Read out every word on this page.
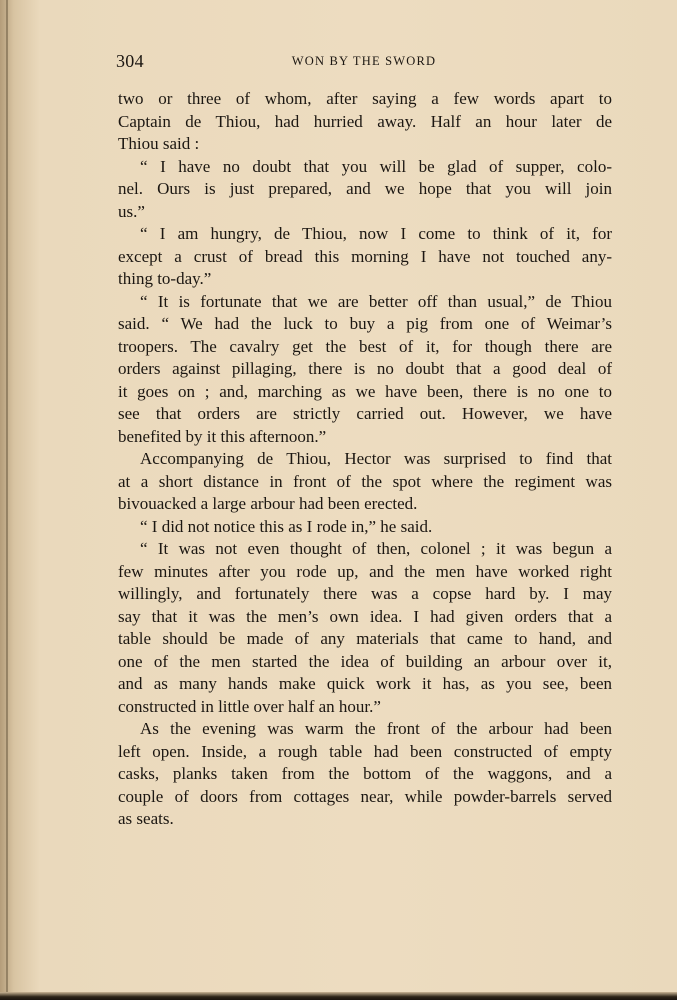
304	WON BY THE SWORD
two or three of whom, after saying a few words apart to
Captain de Thiou, had hurried away. Half an hour later de
Thiou said :
“ I have no doubt that you will be glad of supper, colo-
nel. Ours is just prepared, and we hope that you will join
us.”
“ I am hungry, de Thiou, now I come to think of it, for
except a crust of bread this morning I have not touched any-
thing to-day.”
“ It is fortunate that we are better off than usual,” de Thiou
said. “ We had the luck to buy a pig from one of Weimar’s
troopers. The cavalry get the best of it, for though there are
orders against pillaging, there is no doubt that a good deal of
it goes on ; and, marching as we have been, there is no one to
see that orders are strictly carried out. However, we have
benefited by it this afternoon.”
Accompanying de Thiou, Hector was surprised to find that
at a short distance in front of the spot where the regiment was
bivouacked a large arbour had been erected.
“ I did not notice this as I rode in,” he said.
“ It was not even thought of then, colonel ; it was begun a
few minutes after you rode up, and the men have worked right
willingly, and fortunately there was a copse hard by. I may
say that it was the men’s own idea. I had given orders that a
table should be made of any materials that came to hand, and
one of the men started the idea of building an arbour over it,
and as many hands make quick work it has, as you see, been
constructed in little over half an hour.”
As the evening was warm the front of the arbour had been
left open. Inside, a rough table had been constructed of empty
casks, planks taken from the bottom of the waggons, and a
couple of doors from cottages near, while powder-barrels served
as seats.
